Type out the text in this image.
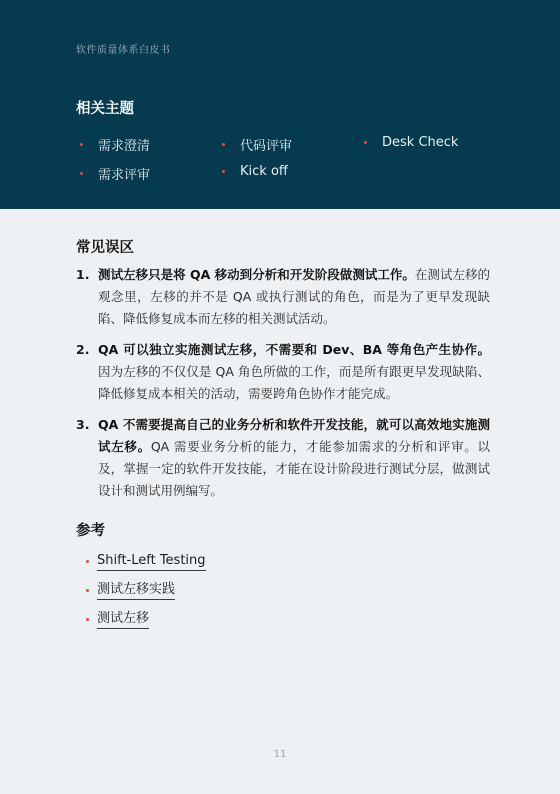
软件质量体系白皮书
相关主题
需求澄清	代码评审	Desk Check
需求评审	Kick off
常见误区
1. 测试左移只是将 QA 移动到分析和开发阶段做测试工作。在测试左移的观念里，左移的并不是 QA 或执行测试的角色，而是为了更早发现缺陷、降低修复成本而左移的相关测试活动。
2. QA 可以独立实施测试左移，不需要和 Dev、BA 等角色产生协作。因为左移的不仅仅是 QA 角色所做的工作，而是所有跟更早发现缺陷、降低修复成本相关的活动，需要跨角色协作才能完成。
3. QA 不需要提高自己的业务分析和软件开发技能，就可以高效地实施测试左移。QA 需要业务分析的能力，才能参加需求的分析和评审。以及，掌握一定的软件开发技能，才能在设计阶段进行测试分层，做测试设计和测试用例编写。
参考
Shift-Left Testing
测试左移实践
测试左移
11
